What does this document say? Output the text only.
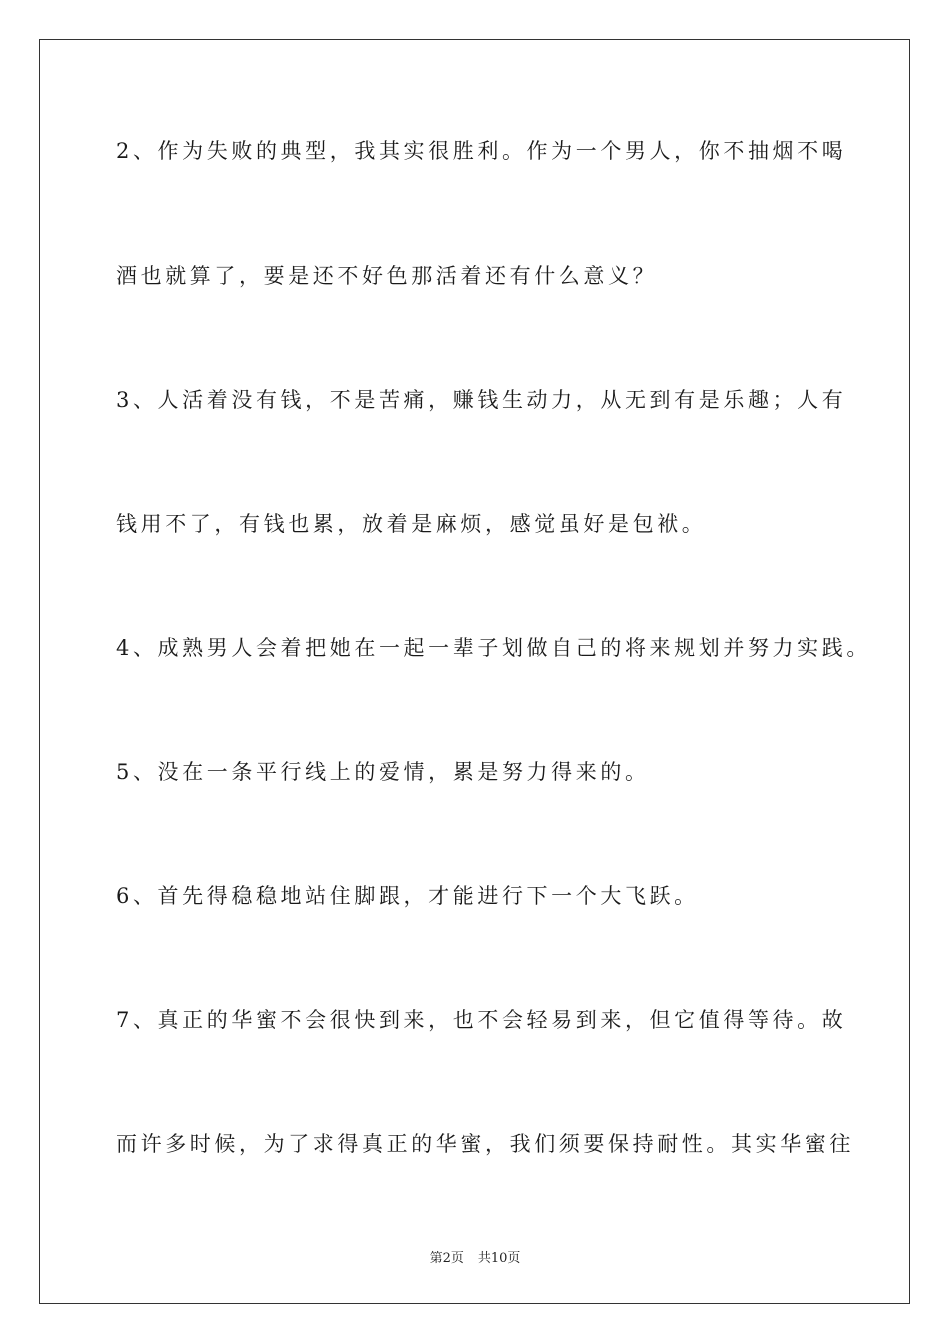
2、作为失败的典型，我其实很胜利。作为一个男人，你不抽烟不喝
酒也就算了，要是还不好色那活着还有什么意义？
3、人活着没有钱，不是苦痛，赚钱生动力，从无到有是乐趣；人有
钱用不了，有钱也累，放着是麻烦，感觉虽好是包袱。
4、成熟男人会着把她在一起一辈子划做自己的将来规划并努力实践。
5、没在一条平行线上的爱情，累是努力得来的。
6、首先得稳稳地站住脚跟，才能进行下一个大飞跃。
7、真正的华蜜不会很快到来，也不会轻易到来，但它值得等待。故
而许多时候，为了求得真正的华蜜，我们须要保持耐性。其实华蜜往
第2页 共10页
